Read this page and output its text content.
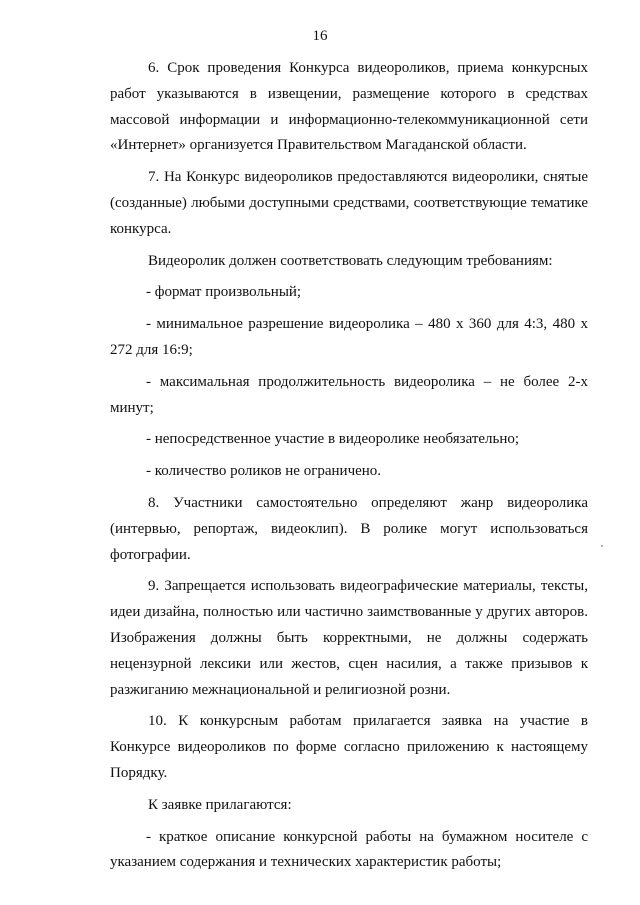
16

6. Срок проведения Конкурса видеороликов, приема конкурсных работ указываются в извещении, размещение которого в средствах массовой информации и информационно-телекоммуникационной сети «Интернет» организуется Правительством Магаданской области.

7. На Конкурс видеороликов предоставляются видеоролики, снятые (созданные) любыми доступными средствами, соответствующие тематике конкурса.

Видеоролик должен соответствовать следующим требованиям:

- формат произвольный;

- минимальное разрешение видеоролика – 480 x 360 для 4:3, 480 x 272 для 16:9;

- максимальная продолжительность видеоролика – не более 2-х минут;

- непосредственное участие в видеоролике необязательно;

- количество роликов не ограничено.

8. Участники самостоятельно определяют жанр видеоролика (интервью, репортаж, видеоклип). В ролике могут использоваться фотографии.

9. Запрещается использовать видеографические материалы, тексты, идеи дизайна, полностью или частично заимствованные у других авторов. Изображения должны быть корректными, не должны содержать нецензурной лексики или жестов, сцен насилия, а также призывов к разжиганию межнациональной и религиозной розни.

10. К конкурсным работам прилагается заявка на участие в Конкурсе видеороликов по форме согласно приложению к настоящему Порядку.

К заявке прилагаются:

- краткое описание конкурсной работы на бумажном носителе с указанием содержания и технических характеристик работы;
